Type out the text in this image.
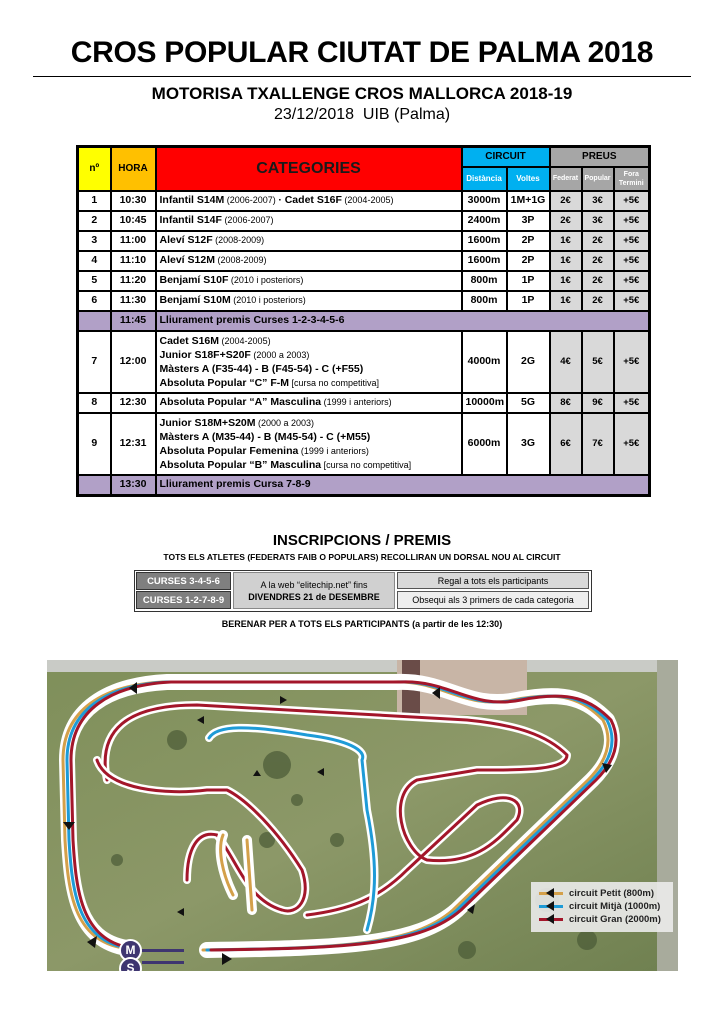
CROS POPULAR CIUTAT DE PALMA 2018
MOTORISA TXALLENGE CROS MALLORCA 2018-19
23/12/2018 UIB (Palma)
nº	HORA	CATEGORIES	CIRCUIT		PREUS		
			Distància	Voltes	Federat	Popular	Fora Termini
1	10:30	Infantil S14M (2006-2007) · Cadet S16F (2004-2005)	3000m	1M+1G	2€	3€	+5€
2	10:45	Infantil S14F (2006-2007)	2400m	3P	2€	3€	+5€
3	11:00	Aleví S12F (2008-2009)	1600m	2P	1€	2€	+5€
4	11:10	Aleví S12M (2008-2009)	1600m	2P	1€	2€	+5€
5	11:20	Benjamí S10F (2010 i posteriors)	800m	1P	1€	2€	+5€
6	11:30	Benjamí S10M (2010 i posteriors)	800m	1P	1€	2€	+5€
	11:45	Lliurament premis Curses 1-2-3-4-5-6					
7	12:00	Cadet S16M (2004-2005)
Junior S18F+S20F (2000 a 2003)
Màsters A (F35-44) - B (F45-54) - C (+F55)
Absoluta Popular “C” F-M [cursa no competitiva]	4000m	2G	4€	5€	+5€
8	12:30	Absoluta Popular “A” Masculina (1999 i anteriors)	10000m	5G	8€	9€	+5€
9	12:31	Junior S18M+S20M (2000 a 2003)
Màsters A (M35-44) - B (M45-54) - C (+M55)
Absoluta Popular Femenina (1999 i anteriors)
Absoluta Popular “B” Masculina [cursa no competitiva]	6000m	3G	6€	7€	+5€
	13:30	Lliurament premis Cursa 7-8-9					
INSCRIPCIONS / PREMIS
TOTS ELS ATLETES (FEDERATS FAIB O POPULARS) RECOLLIRAN UN DORSAL NOU AL CIRCUIT
CURSES 3-4-5-6
CURSES 1-2-7-8-9
A la web “elitechip.net” fins
DIVENDRES 21 de DESEMBRE
Regal a tots els participants
Obsequi als 3 primers de cada categoria
BERENAR PER A TOTS ELS PARTICIPANTS (a partir de les 12:30)
M
S
circuit Petit (800m)
circuit Mitjà (1000m)
circuit Gran (2000m)
